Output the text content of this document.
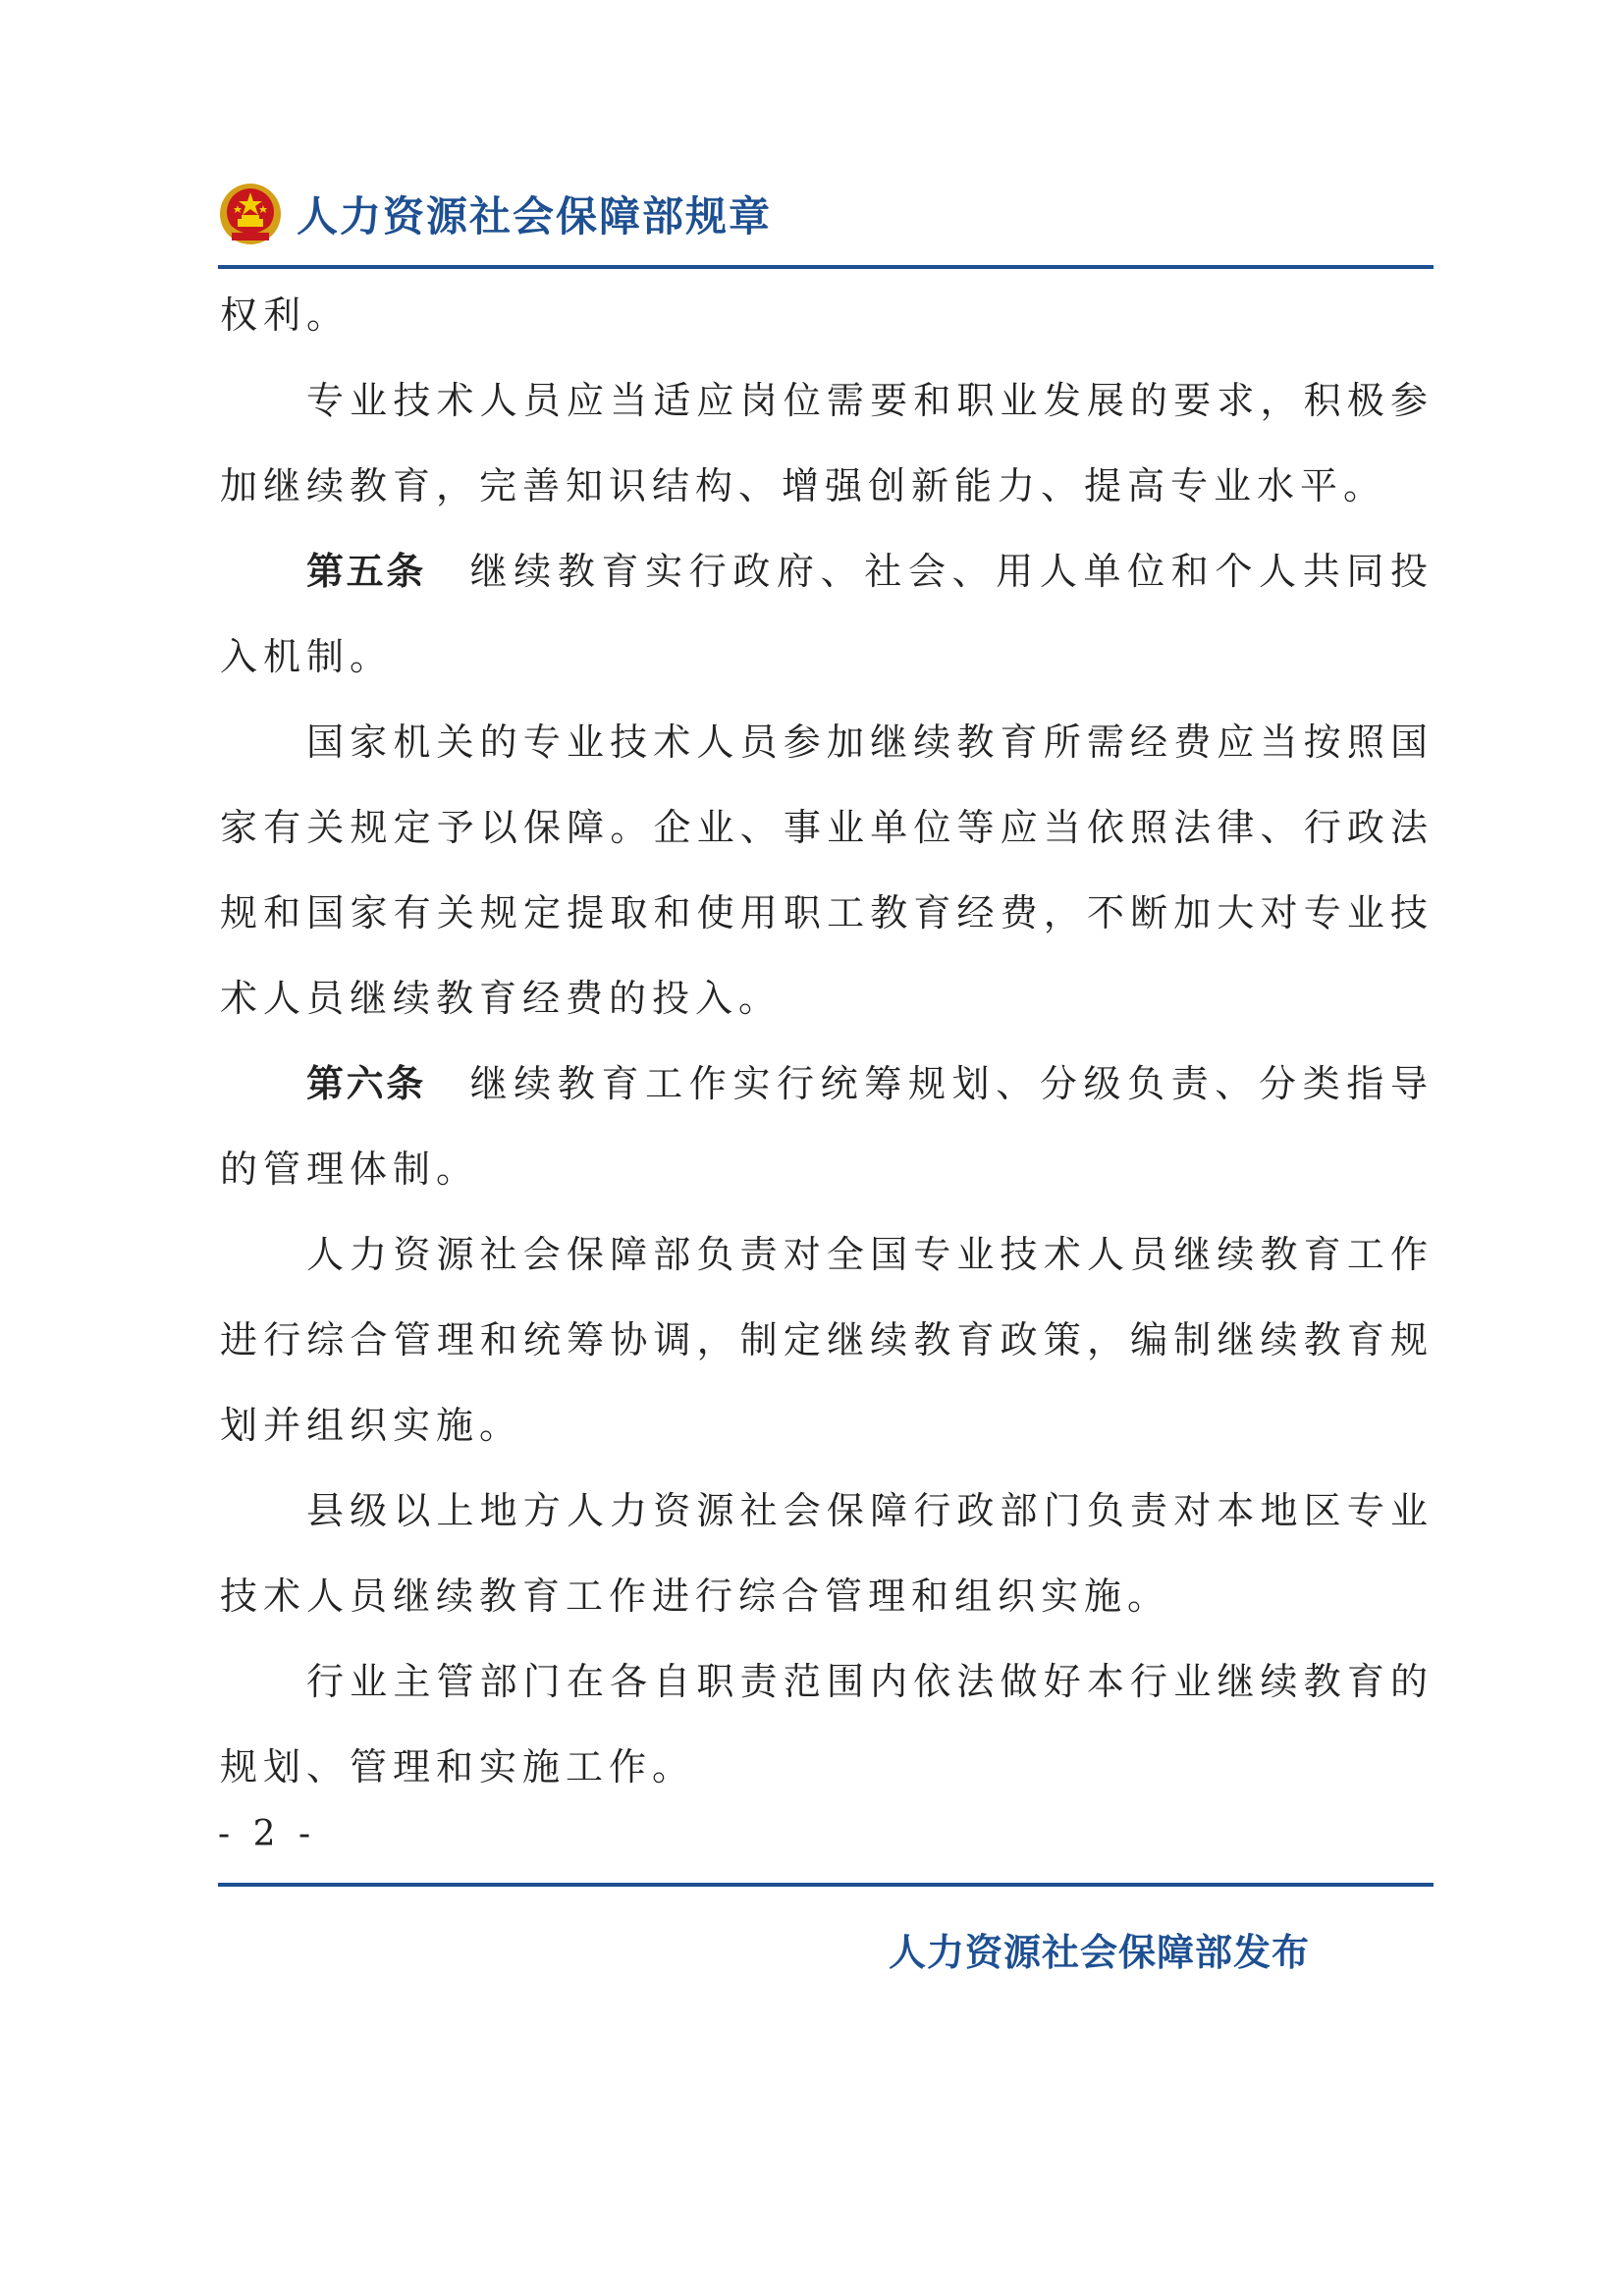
人力资源社会保障部规章

权利。

专业技术人员应当适应岗位需要和职业发展的要求，积极参加继续教育，完善知识结构、增强创新能力、提高专业水平。

第五条　 继续教育实行政府、社会、用人单位和个人共同投入机制。

国家机关的专业技术人员参加继续教育所需经费应当按照国家有关规定予以保障。企业、事业单位等应当依照法律、行政法规和国家有关规定提取和使用职工教育经费，不断加大对专业技术人员继续教育经费的投入。

第六条　 继续教育工作实行统筹规划、分级负责、分类指导的管理体制。

人力资源社会保障部负责对全国专业技术人员继续教育工作进行综合管理和统筹协调，制定继续教育政策，编制继续教育规划并组织实施。

县级以上地方人力资源社会保障行政部门负责对本地区专业技术人员继续教育工作进行综合管理和组织实施。

行业主管部门在各自职责范围内依法做好本行业继续教育的规划、管理和实施工作。

- 2 -
人力资源社会保障部发布
